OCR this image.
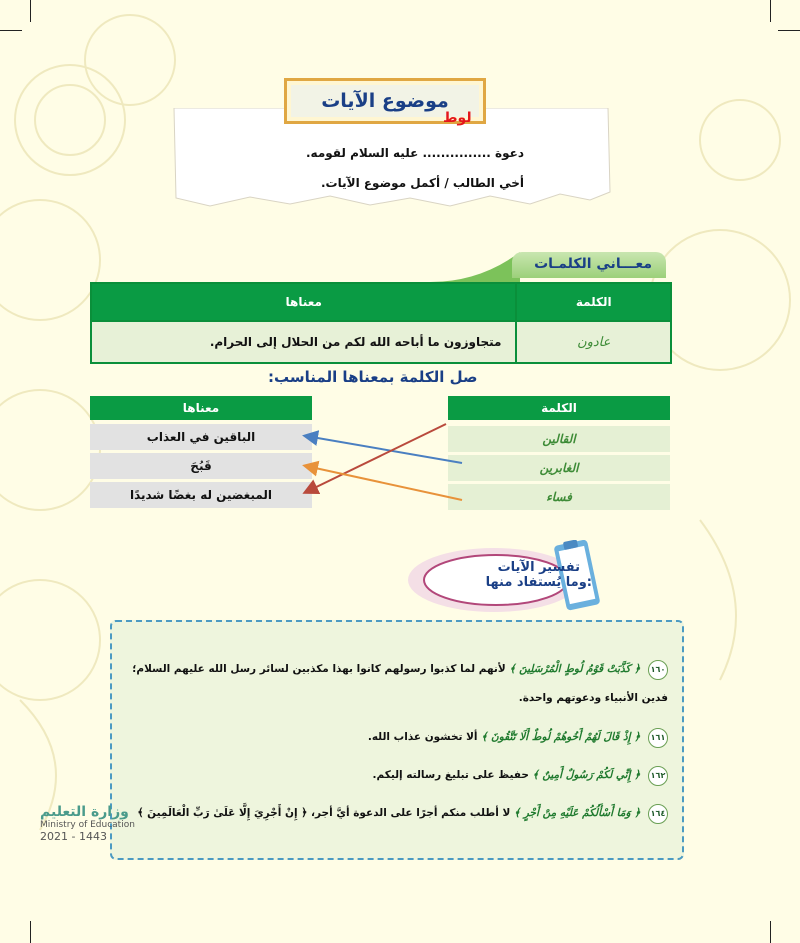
موضوع الآيات
لوط
دعوة ............... عليه السلام لقومه.
أخي الطالب / أكمل موضوع الآيات.
معـــاني الكلمـات
معناها	الكلمة
متجاوزون ما أباحه الله لكم من الحلال إلى الحرام.	عادون
صل الكلمة بمعناها المناسب:
معناها	الكلمة
الباقين في العذاب
قَبُحَ
المبغضين له بغضًا شديدًا
القالين
الغابرين
فساء
تفسير الآيات
وما يُستفاد منها:
١٦٠ ﴿ كَذَّبَتْ قَوْمُ لُوطٍ الْمُرْسَلِينَ ﴾ لأنهم لما كذبوا رسولهم كانوا بهذا مكذبين لسائر رسل الله عليهم السلام؛
فدين الأنبياء ودعوتهم واحدة.
١٦١ ﴿ إِذْ قَالَ لَهُمْ أَخُوهُمْ لُوطٌ أَلَا تَتَّقُونَ ﴾ ألا تخشون عذاب الله.
١٦٢ ﴿ إِنِّي لَكُمْ رَسُولٌ أَمِينٌ ﴾ حفيظ على تبليغ رسالته إليكم.
١٦٤ ﴿ وَمَا أَسْأَلُكُمْ عَلَيْهِ مِنْ أَجْرٍ ﴾ لا أطلب منكم أجرًا على الدعوة أيَّ أجر، ﴿ إِنْ أَجْرِيَ إِلَّا عَلَىٰ رَبِّ الْعَالَمِينَ ﴾
وزارة التعليم
Ministry of Education
2021 - 1443
